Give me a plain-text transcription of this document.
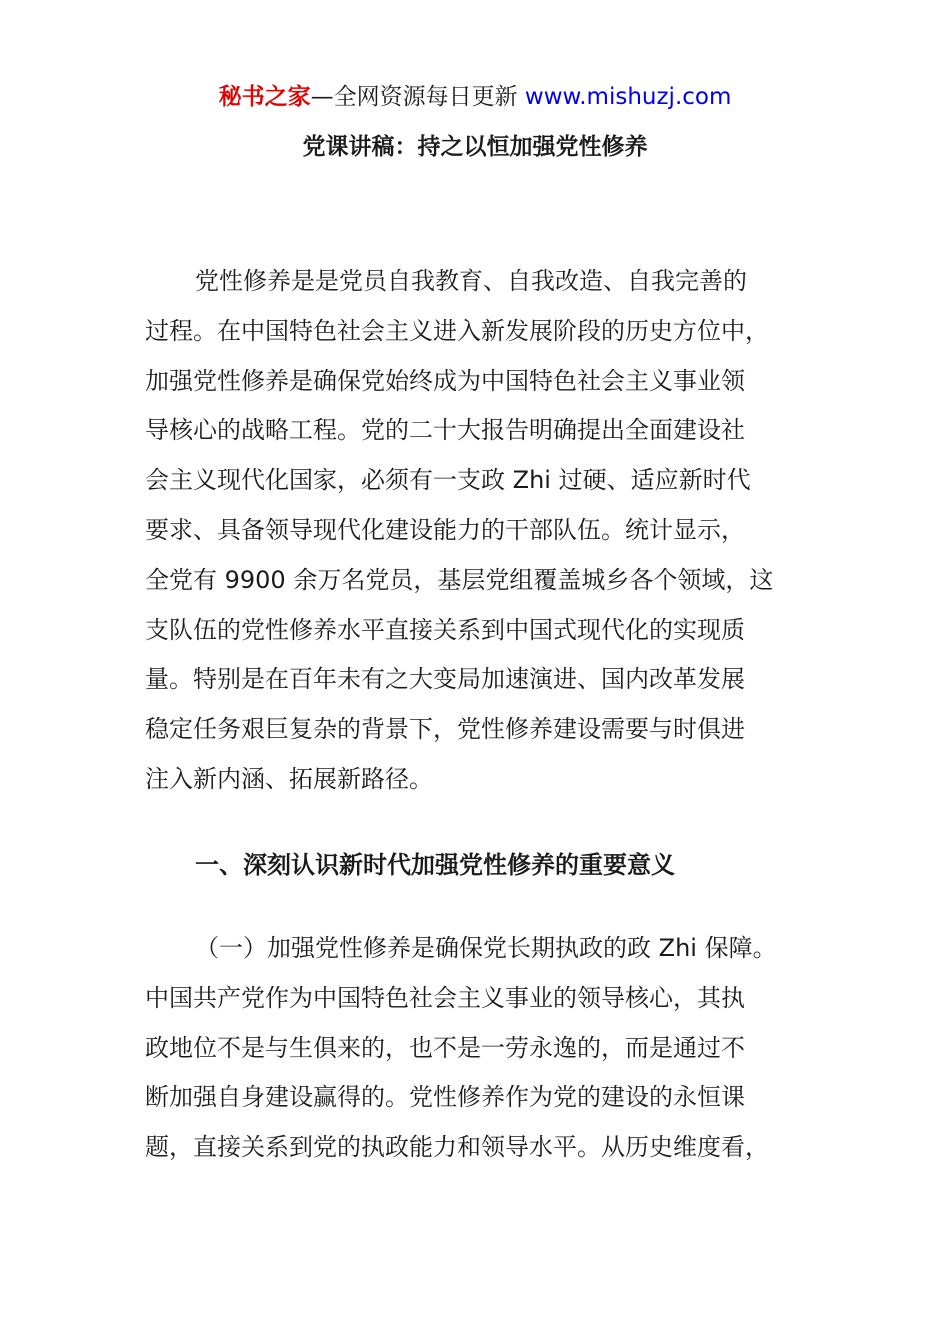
秘书之家—全网资源每日更新 www.mishuzj.com
党课讲稿：持之以恒加强党性修养
党性修养是是党员自我教育、自我改造、自我完善的
过程。在中国特色社会主义进入新发展阶段的历史方位中，
加强党性修养是确保党始终成为中国特色社会主义事业领
导核心的战略工程。党的二十大报告明确提出全面建设社
会主义现代化国家，必须有一支政 Zhi 过硬、适应新时代
要求、具备领导现代化建设能力的干部队伍。统计显示，
全党有 9900 余万名党员，基层党组覆盖城乡各个领域，这
支队伍的党性修养水平直接关系到中国式现代化的实现质
量。特别是在百年未有之大变局加速演进、国内改革发展
稳定任务艰巨复杂的背景下，党性修养建设需要与时俱进
注入新内涵、拓展新路径。
一、深刻认识新时代加强党性修养的重要意义
（一）加强党性修养是确保党长期执政的政 Zhi 保障。
中国共产党作为中国特色社会主义事业的领导核心，其执
政地位不是与生俱来的，也不是一劳永逸的，而是通过不
断加强自身建设赢得的。党性修养作为党的建设的永恒课
题，直接关系到党的执政能力和领导水平。从历史维度看，
